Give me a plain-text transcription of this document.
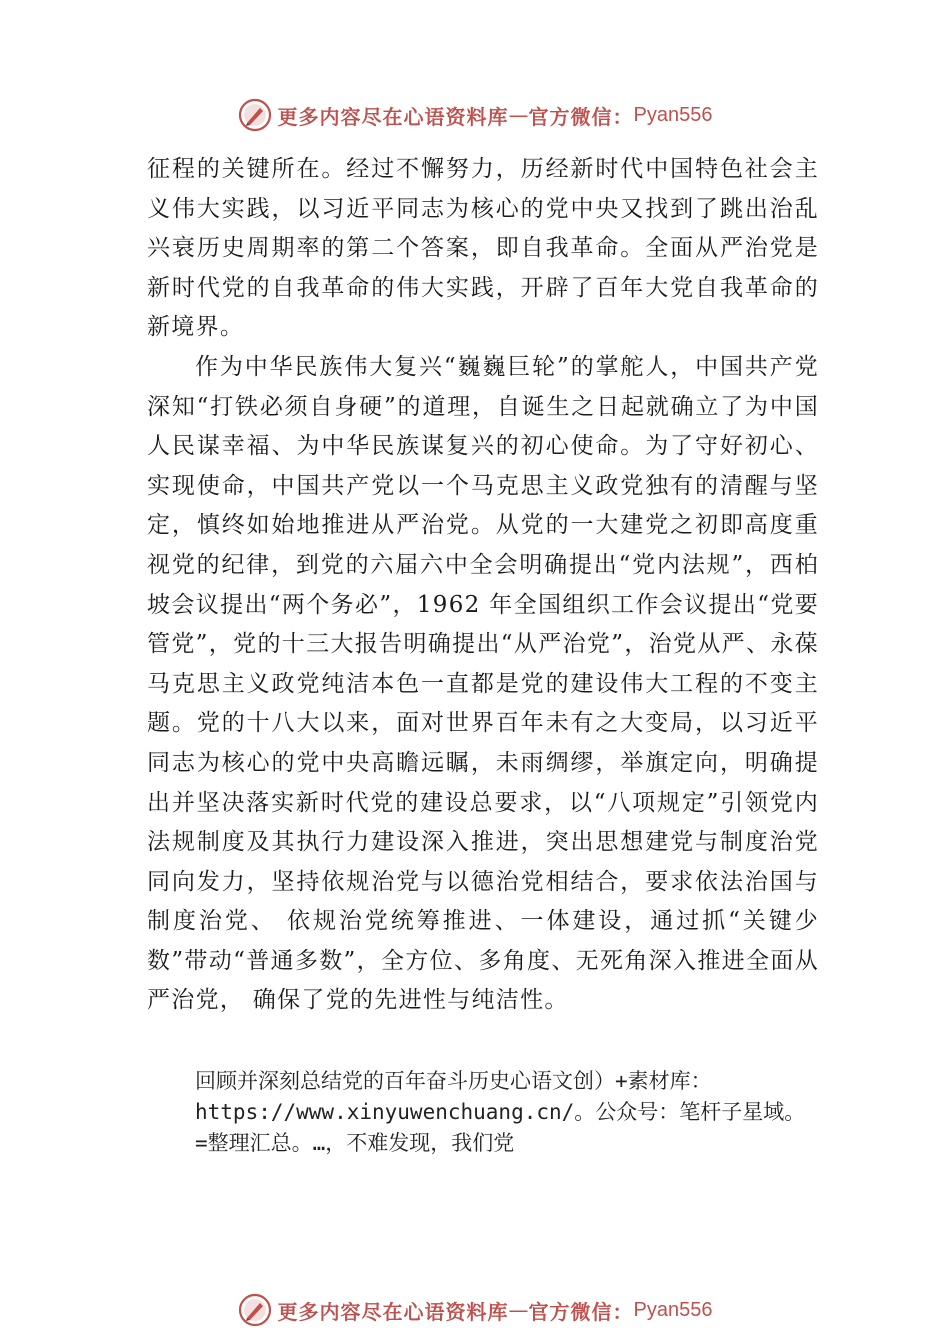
更多内容尽在心语资料库 — 官方微信： Pyan556

征程的关键所在。经过不懈努力，历经新时代中国特色社会主义伟大实践，以习近平同志为核心的党中央又找到了跳出治乱兴衰历史周期率的第二个答案，即自我革命。全面从严治党是新时代党的自我革命的伟大实践，开辟了百年大党自我革命的新境界。

作为中华民族伟大复兴“巍巍巨轮”的掌舵人，中国共产党深知“打铁必须自身硬”的道理，自诞生之日起就确立了为中国人民谋幸福、为中华民族谋复兴的初心使命。为了守好初心、实现使命，中国共产党以一个马克思主义政党独有的清醒与坚定，慎终如始地推进从严治党。从党的一大建党之初即高度重视党的纪律，到党的六届六中全会明确提出“党内法规”，西柏坡会议提出“两个务必”，1962 年全国组织工作会议提出“党要管党”，党的十三大报告明确提出“从严治党”，治党从严、永葆马克思主义政党纯洁本色一直都是党的建设伟大工程的不变主题。党的十八大以来，面对世界百年未有之大变局，以习近平同志为核心的党中央高瞻远瞩，未雨绸缪，举旗定向，明确提出并坚决落实新时代党的建设总要求，以“八项规定”引领党内法规制度及其执行力建设深入推进，突出思想建党与制度治党同向发力，坚持依规治党与以德治党相结合，要求依法治国与制度治党、 依规治党统筹推进、一体建设，通过抓“关键少数”带动“普通多数”，全方位、多角度、无死角深入推进全面从严治党， 确保了党的先进性与纯洁性。

回顾并深刻总结党的百年奋斗历史心语文创）+素材库：
https://www.xinyuwenchuang.cn/。公众号：笔杆子星域。
=整理汇总。…，不难发现，我们党
更多内容尽在心语资料库 — 官方微信： Pyan556
